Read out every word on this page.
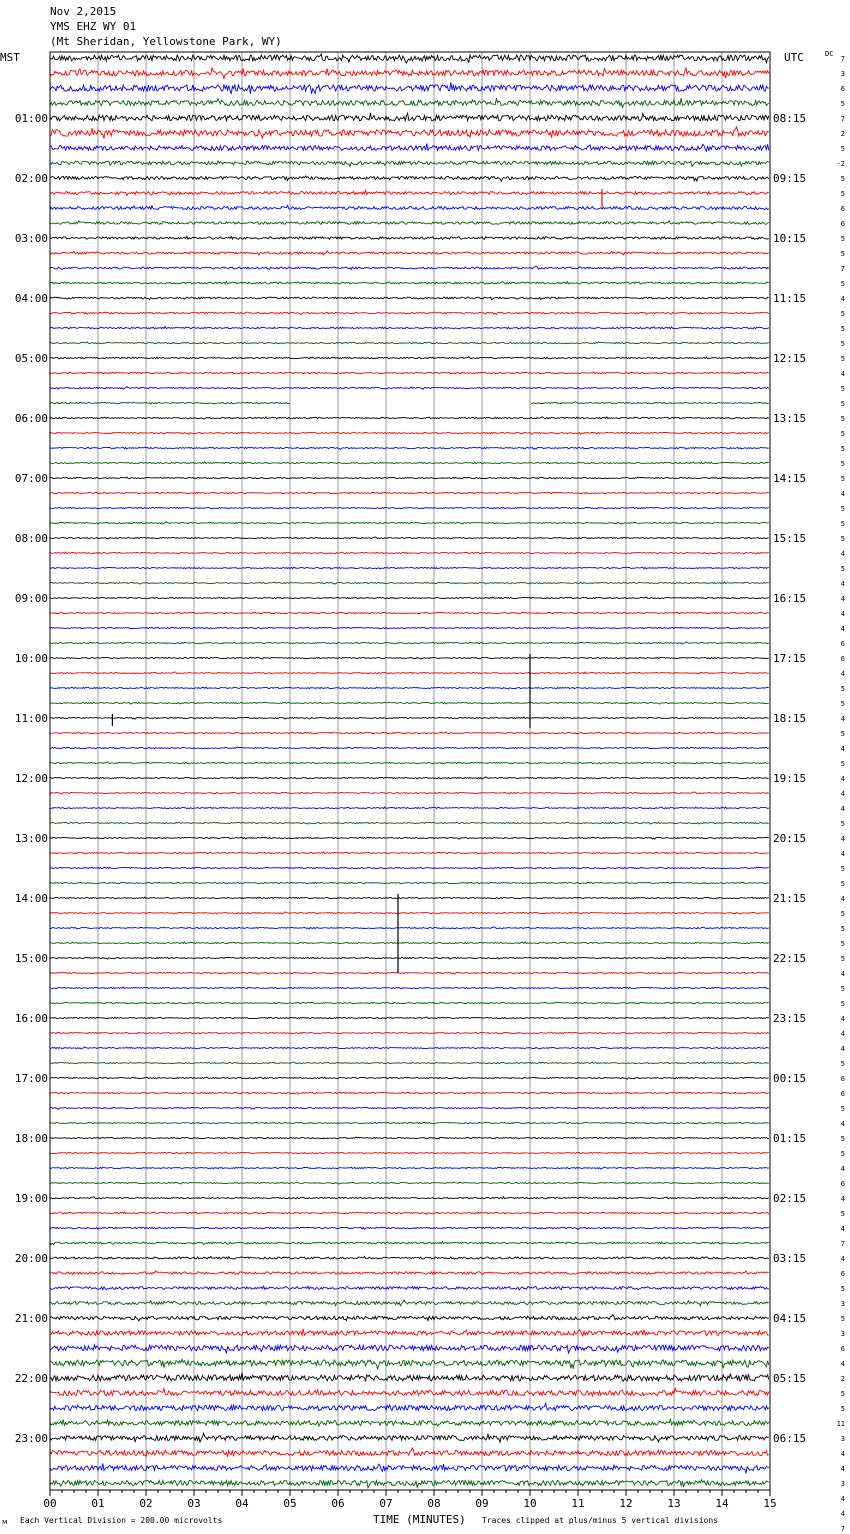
Nov 2,2015
YMS EHZ WY 01
(Mt Sheridan, Yellowstone Park, WY)
MST	UTC	DC
01:00
02:00
03:00
04:00
05:00
06:00
07:00
08:00
09:00
10:00
11:00
12:00
13:00
14:00
15:00
16:00
17:00
18:00
19:00
20:00
21:00
22:00
23:00
08:15
09:15
10:15
11:15
12:15
13:15
14:15
15:15
16:15
17:15
18:15
19:15
20:15
21:15
22:15
23:15
00:15
01:15
02:15
03:15
04:15
05:15
06:15
7
3
6
5
7
2
5
-2
5
5
6
6
5
5
7
5
4
5
5
5
5
4
5
5
5
5
5
5
5
4
5
5
5
4
5
4
4
4
4
6
6
4
5
5
4
5
4
5
4
4
4
5
4
4
5
5
4
5
5
5
5
4
5
5
4
4
4
5
6
6
5
4
5
5
4
6
4
5
4
7
4
6
5
3
5
3
6
4
2
5
5
11
3
4
4
3
4
4
7
00	01	02	03	04	05	06	07	08	09	10	11	12	13	14	15
ᴍ Each Vertical Division = 200.00 microvolts	TIME (MINUTES) Traces clipped at plus/minus 5 vertical divisions
